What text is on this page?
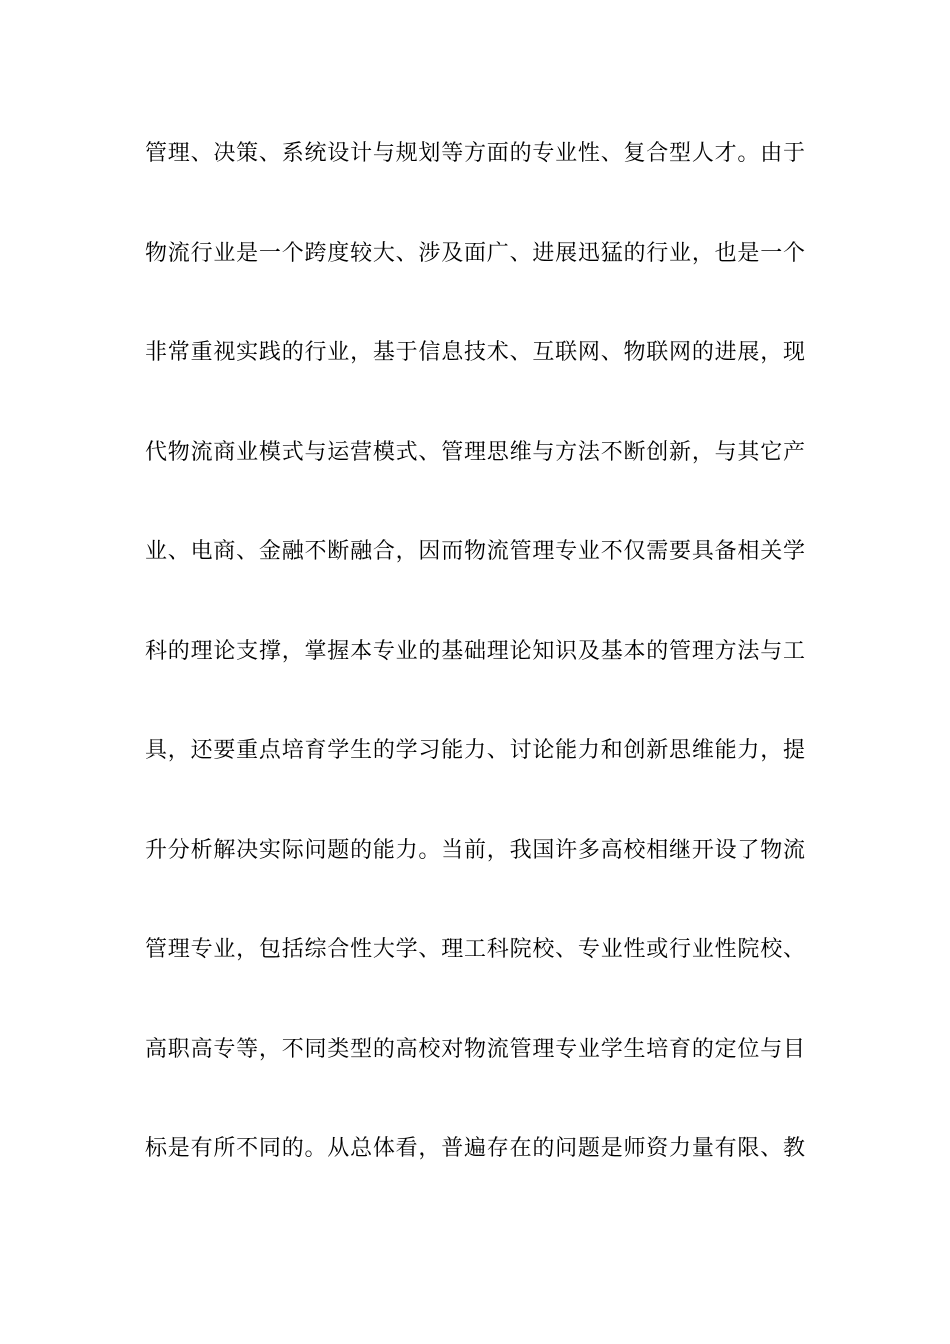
管理、决策、系统设计与规划等方面的专业性、复合型人才。由于
物流行业是一个跨度较大、涉及面广、进展迅猛的行业，也是一个
非常重视实践的行业，基于信息技术、互联网、物联网的进展，现
代物流商业模式与运营模式、管理思维与方法不断创新，与其它产
业、电商、金融不断融合，因而物流管理专业不仅需要具备相关学
科的理论支撑，掌握本专业的基础理论知识及基本的管理方法与工
具，还要重点培育学生的学习能力、讨论能力和创新思维能力，提
升分析解决实际问题的能力。当前，我国许多高校相继开设了物流
管理专业，包括综合性大学、理工科院校、专业性或行业性院校、
高职高专等，不同类型的高校对物流管理专业学生培育的定位与目
标是有所不同的。从总体看，普遍存在的问题是师资力量有限、教
